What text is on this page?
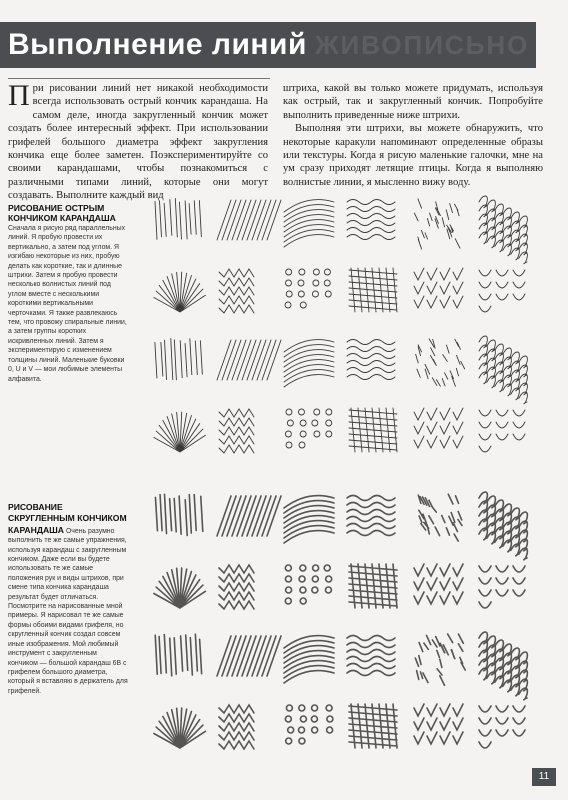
ЖИВОПИСЬНО
Выполнение линий
При рисовании линий нет никакой необходимости всегда использовать острый кончик карандаша. На самом деле, иногда закругленный кончик может создать более интересный эффект. При использовании грифелей большого диаметра эффект закругления кончика еще более заметен. Поэкспериментируйте со своими карандашами, чтобы познакомиться с различными типами линий, которые они могут создавать. Выполните каждый вид
штриха, какой вы только можете придумать, используя как острый, так и закругленный кончик. Попробуйте выполнить приведенные ниже штрихи.
Выполняя эти штрихи, вы можете обнаружить, что некоторые каракули напоминают определенные образы или текстуры. Когда я рисую маленькие галочки, мне на ум сразу приходят летящие птицы. Когда я выполняю волнистые линии, я мысленно вижу воду.
РИСОВАНИЕ ОСТРЫМ КОНЧИКОМ КАРАНДАША
Сначала я рисую ряд параллельных линий. Я пробую провести их вертикально, а затем под углом. Я изгибаю некоторые из них, пробую делать как короткие, так и длинные штрихи. Затем я пробую провести несколько волнистых линий под углом вместе с несколькими короткими вертикальными черточками. Я также развлекаюсь тем, что провожу спиральные линии, а затем группы коротких искривленных линий. Затем я экспериментирую с изменением толщины линий. Маленькие буковки 0, U и V — мои любимые элементы алфавита.
РИСОВАНИЕ СКРУГЛЕННЫМ КОНЧИКОМ КАРАНДАША Очень разумно выполнить те же самые упражнения, используя карандаш с закругленным кончиком. Даже если вы будете использовать те же самые положения рук и виды штрихов, при смене типа кончика карандаша результат будет отличаться. Посмотрите на нарисованные мной примеры. Я нарисовал те же самые формы обоими видами грифеля, но скругленный кончик создал совсем иные изображения. Мой любимый инструмент с закругленным кончиком — большой карандаш 6В с грифелем большого диаметра, который я вставляю в держатель для грифелей.
11
